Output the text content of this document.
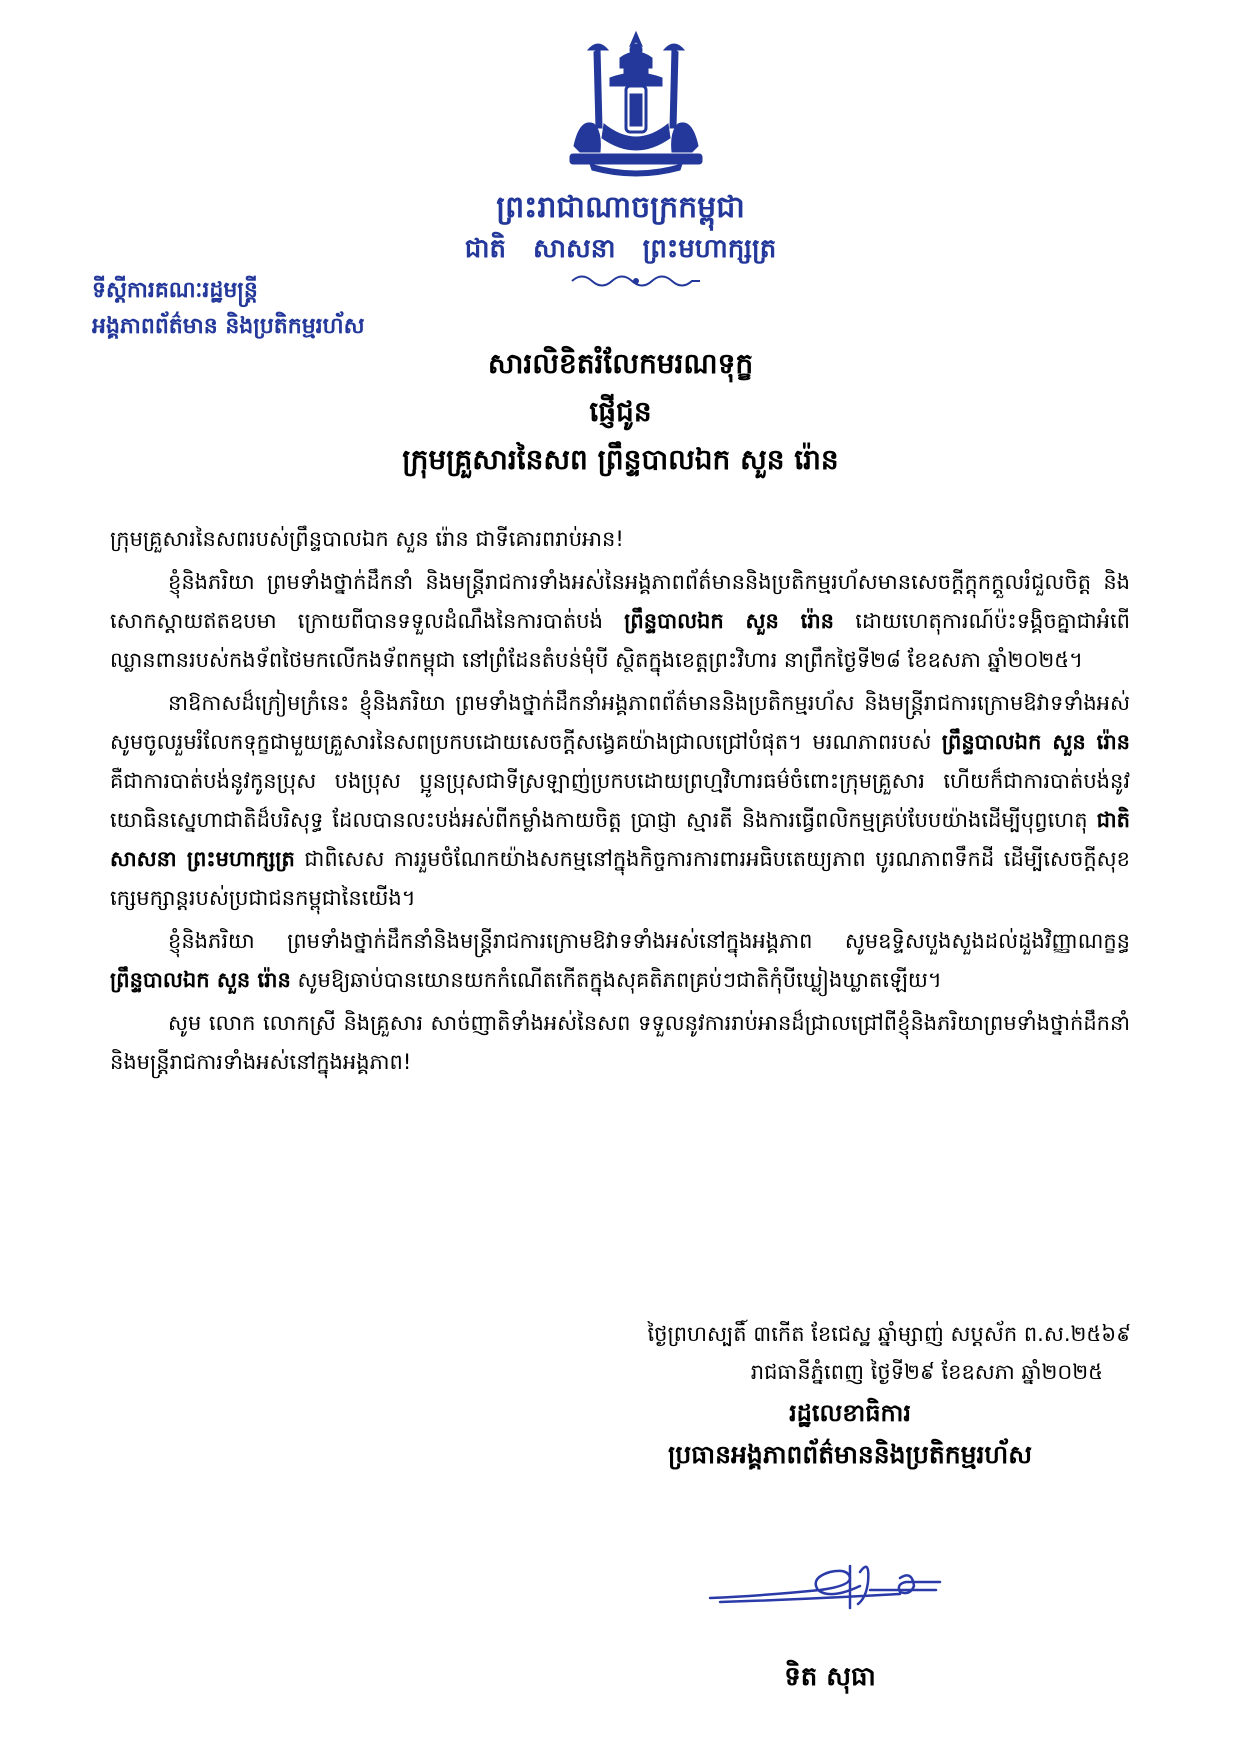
ព្រះរាជាណាចក្រកម្ពុជា
ជាតិ សាសនា ព្រះមហាក្សត្រ
ទីស្តីការគណៈរដ្ឋមន្ត្រី
អង្គភាពព័ត៌មាន និងប្រតិកម្មរហ័ស
សារលិខិតរំលែកមរណទុក្ខ
ផ្ញើជូន
ក្រុមគ្រួសារនៃសព ព្រឹន្ទបាលឯក សួន រ៉ោន

ក្រុមគ្រួសារនៃសពរបស់ព្រឹន្ទបាលឯក សួន រ៉ោន ជាទីគោរពរាប់អាន!

ខ្ញុំនិងភរិយា ព្រមទាំងថ្នាក់ដឹកនាំ និងមន្ត្រីរាជការទាំងអស់នៃអង្គភាពព័ត៌មាននិងប្រតិកម្មរហ័សមានសេចក្តីក្តុកក្តួលរំជួលចិត្ត និងសោកស្តាយឥតឧបមា ក្រោយពីបានទទួលដំណឹងនៃការបាត់បង់ ព្រឹន្ទបាលឯក សួន រ៉ោន ដោយហេតុការណ៍ប៉ះទង្គិចគ្នាជាអំពើឈ្លានពានរបស់កងទ័ពថៃមកលើកងទ័ពកម្ពុជា នៅព្រំដែនតំបន់មុំបី ស្ថិតក្នុងខេត្តព្រះវិហារ នាព្រឹកថ្ងៃទី២៨ ខែឧសភា ឆ្នាំ២០២៥។

នាឱកាសដ៏ក្រៀមក្រំនេះ ខ្ញុំនិងភរិយា ព្រមទាំងថ្នាក់ដឹកនាំអង្គភាពព័ត៌មាននិងប្រតិកម្មរហ័ស និងមន្ត្រីរាជការក្រោមឱវាទទាំងអស់ សូមចូលរួមរំលែកទុក្ខជាមួយគ្រួសារនៃសពប្រកបដោយសេចក្តីសង្វេគយ៉ាងជ្រាលជ្រៅបំផុត។ មរណភាពរបស់ ព្រឹន្ទបាលឯក សួន រ៉ោន គឺជាការបាត់បង់នូវកូនប្រុស បងប្រុស ប្អូនប្រុសជាទីស្រឡាញ់ប្រកបដោយព្រហ្មវិហារធម៌ចំពោះក្រុមគ្រួសារ ហើយក៏ជាការបាត់បង់នូវយោធិនស្នេហាជាតិដ៏បរិសុទ្ធ ដែលបានលះបង់អស់ពីកម្លាំងកាយចិត្ត ប្រាជ្ញា ស្មារតី និងការធ្វើពលិកម្មគ្រប់បែបយ៉ាងដើម្បីបុព្វហេតុ ជាតិ សាសនា ព្រះមហាក្សត្រ ជាពិសេស ការរួមចំណែកយ៉ាងសកម្មនៅក្នុងកិច្ចការការពារអធិបតេយ្យភាព បូរណភាពទឹកដី ដើម្បីសេចក្តីសុខក្សេមក្សាន្តរបស់ប្រជាជនកម្ពុជានៃយើង។

ខ្ញុំនិងភរិយា ព្រមទាំងថ្នាក់ដឹកនាំនិងមន្ត្រីរាជការក្រោមឱវាទទាំងអស់នៅក្នុងអង្គភាព សូមឧទ្ទិសបួងសួងដល់ដួងវិញ្ញាណក្ខន្ធ ព្រឹន្ទបាលឯក សួន រ៉ោន សូមឱ្យឆាប់បានយោនយកកំណើតកើតក្នុងសុគតិភពគ្រប់ៗជាតិកុំបីឃ្លៀងឃ្លាតឡើយ។

សូម លោក លោកស្រី និងគ្រួសារ សាច់ញាតិទាំងអស់នៃសព ទទួលនូវការរាប់អានដ៏ជ្រាលជ្រៅពីខ្ញុំនិងភរិយាព្រមទាំងថ្នាក់ដឹកនាំនិងមន្ត្រីរាជការទាំងអស់នៅក្នុងអង្គភាព!

ថ្ងៃព្រហស្បតិ៍ ៣កើត ខែជេស្ឋ ឆ្នាំម្សាញ់ សប្តស័ក ព.ស.២៥៦៩
រាជធានីភ្នំពេញ ថ្ងៃទី២៩ ខែឧសភា ឆ្នាំ២០២៥
រដ្ឋលេខាធិការ
ប្រធានអង្គភាពព័ត៌មាននិងប្រតិកម្មរហ័ស
ទិត សុធា
